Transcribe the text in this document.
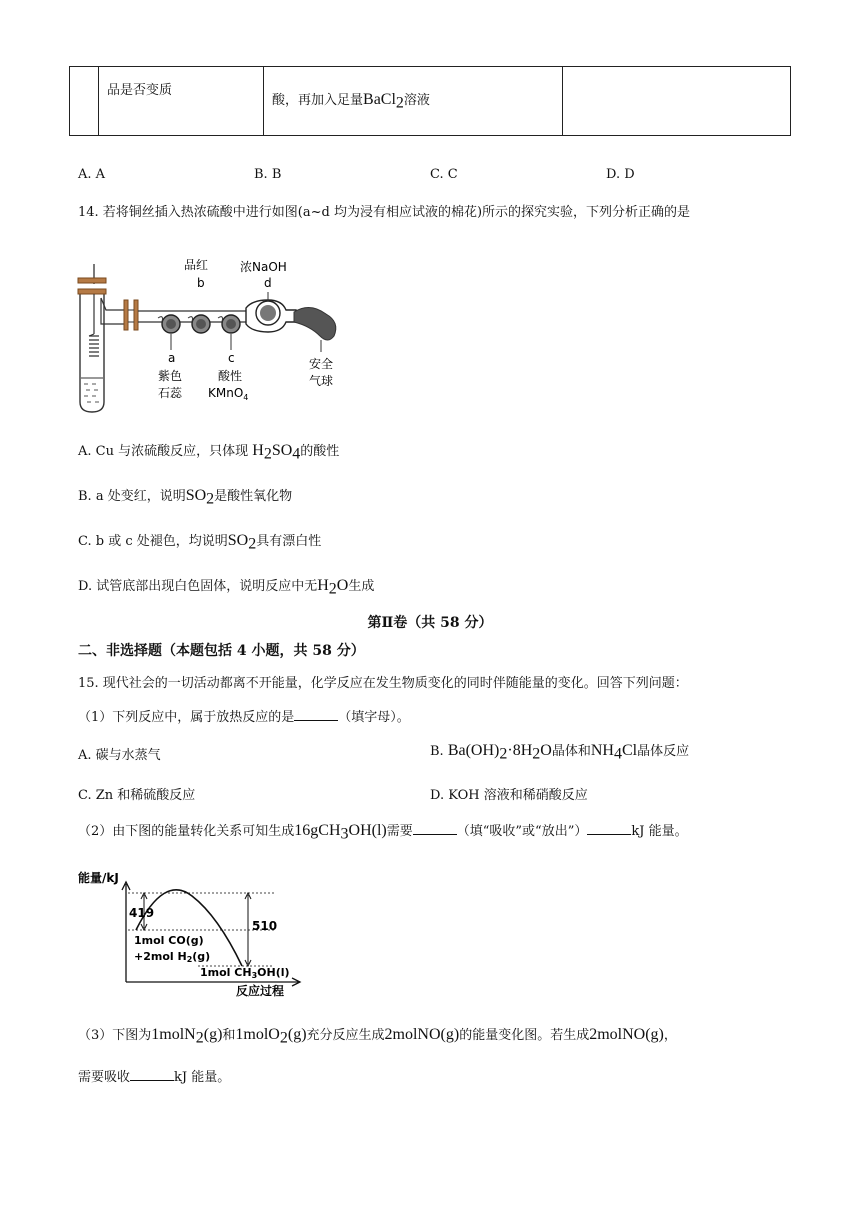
	品是否变质	酸，再加入足量BaCl$_2$溶液	
A. A	B. B	C. C	D. D
14. 若将铜丝插入热浓硫酸中进行如图(a~d 均为浸有相应试液的棉花)所示的探究实验，下列分析正确的是
品红
b
浓NaOH
d
a
紫色
石蕊
c
酸性
KMnO$_4$
安全
气球
A. Cu 与浓硫酸反应，只体现 $H_2SO_4$的酸性
B. a 处变红，说明$SO_2$是酸性氧化物
C. b 或 c 处褪色，均说明$SO_2$具有漂白性
D. 试管底部出现白色固体，说明反应中无$H_2O$生成
第Ⅱ卷（共 58 分）
二、非选择题（本题包括 4 小题，共 58 分）
15. 现代社会的一切活动都离不开能量，化学反应在发生物质变化的同时伴随能量的变化。回答下列问题：
（1）下列反应中，属于放热反应的是	（填字母）。
A. 碳与水蒸气	B. $Ba(OH)_2\cdot 8H_2O$晶体和$NH_4Cl$晶体反应
C. Zn 和稀硫酸反应	D. KOH 溶液和稀硝酸反应
（2）由下图的能量转化关系可知生成16gCH$_3$OH(l)需要	（填“吸收”或“放出”）	kJ 能量。
能量/kJ
反应过程
419
510
1mol CO(g)
+2mol H2(g)
1mol CH3OH(l)
（3）下图为1molN$_2$(g)和1molO$_2$(g)充分反应生成2molNO(g)的能量变化图。若生成2molNO(g)，
需要吸收	kJ 能量。
